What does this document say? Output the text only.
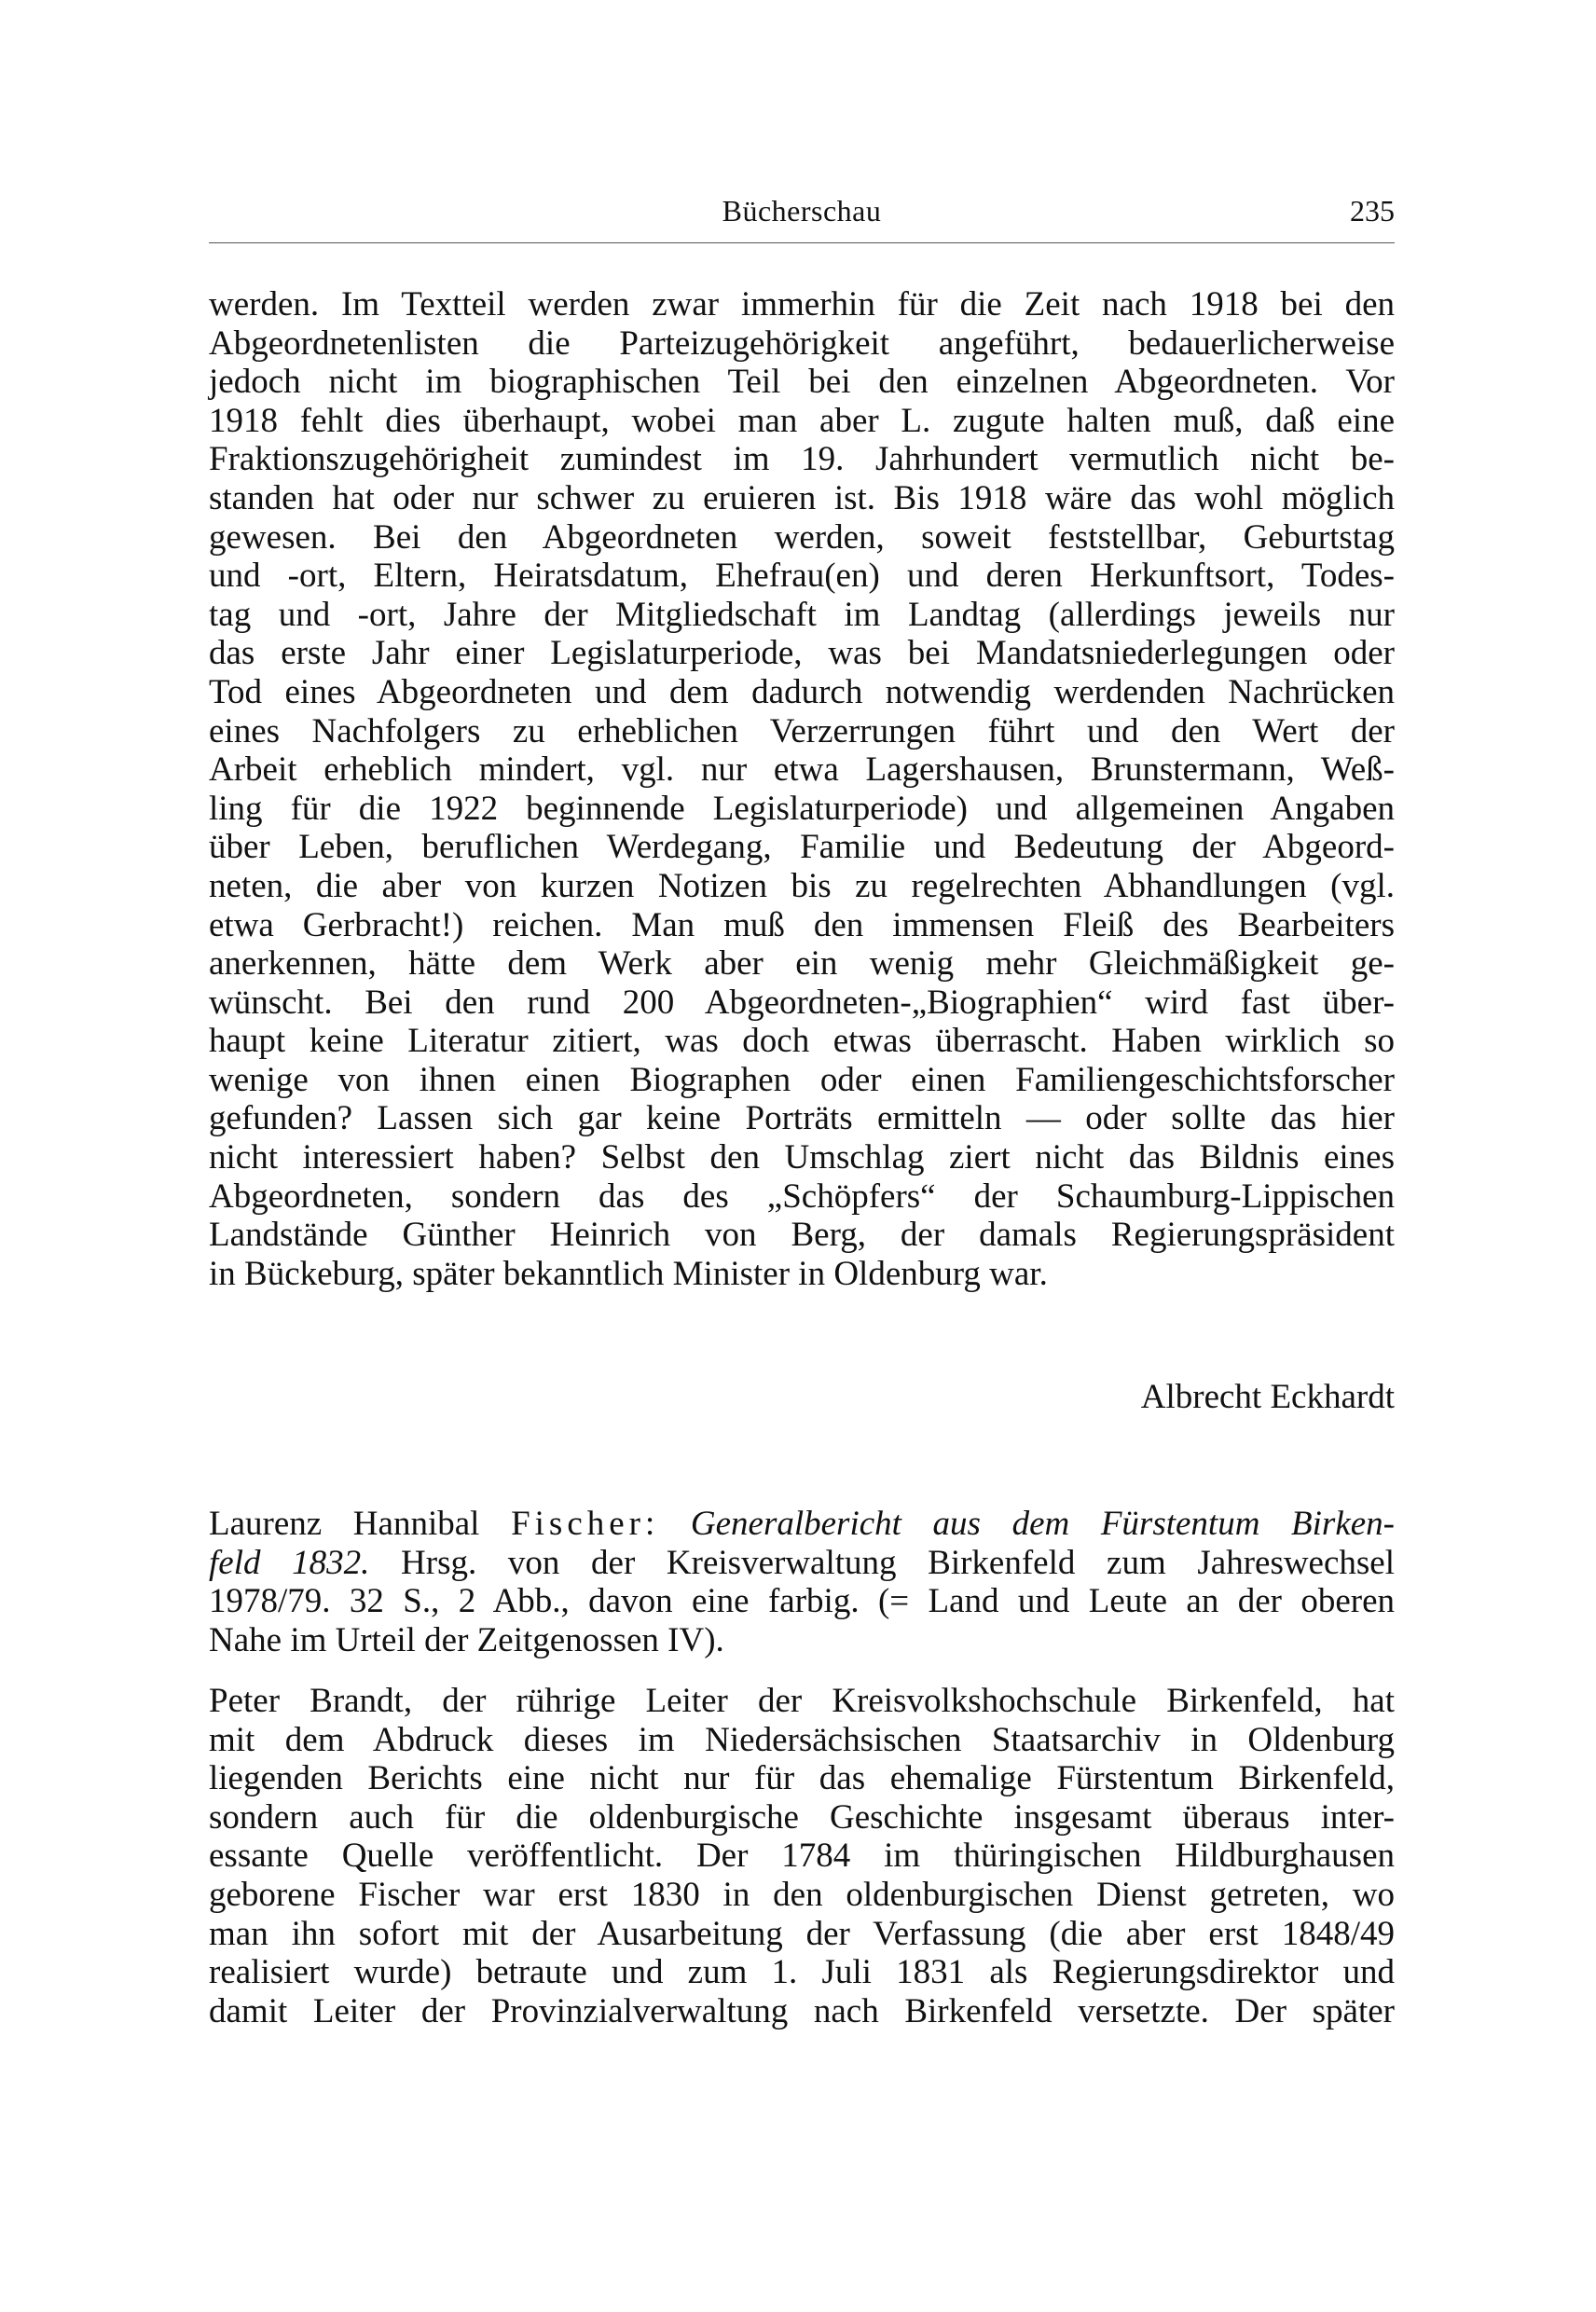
Bücherschau	235
werden. Im Textteil werden zwar immerhin für die Zeit nach 1918 bei den
Abgeordnetenlisten die Parteizugehörigkeit angeführt, bedauerlicherweise
jedoch nicht im biographischen Teil bei den einzelnen Abgeordneten. Vor
1918 fehlt dies überhaupt, wobei man aber L. zugute halten muß, daß eine
Fraktionszugehörigheit zumindest im 19. Jahrhundert vermutlich nicht be-
standen hat oder nur schwer zu eruieren ist. Bis 1918 wäre das wohl möglich
gewesen. Bei den Abgeordneten werden, soweit feststellbar, Geburtstag
und -ort, Eltern, Heiratsdatum, Ehefrau(en) und deren Herkunftsort, Todes-
tag und -ort, Jahre der Mitgliedschaft im Landtag (allerdings jeweils nur
das erste Jahr einer Legislaturperiode, was bei Mandatsniederlegungen oder
Tod eines Abgeordneten und dem dadurch notwendig werdenden Nachrücken
eines Nachfolgers zu erheblichen Verzerrungen führt und den Wert der
Arbeit erheblich mindert, vgl. nur etwa Lagershausen, Brunstermann, Weß-
ling für die 1922 beginnende Legislaturperiode) und allgemeinen Angaben
über Leben, beruflichen Werdegang, Familie und Bedeutung der Abgeord-
neten, die aber von kurzen Notizen bis zu regelrechten Abhandlungen (vgl.
etwa Gerbracht!) reichen. Man muß den immensen Fleiß des Bearbeiters
anerkennen, hätte dem Werk aber ein wenig mehr Gleichmäßigkeit ge-
wünscht. Bei den rund 200 Abgeordneten-„Biographien“ wird fast über-
haupt keine Literatur zitiert, was doch etwas überrascht. Haben wirklich so
wenige von ihnen einen Biographen oder einen Familiengeschichtsforscher
gefunden? Lassen sich gar keine Porträts ermitteln — oder sollte das hier
nicht interessiert haben? Selbst den Umschlag ziert nicht das Bildnis eines
Abgeordneten, sondern das des „Schöpfers“ der Schaumburg-Lippischen
Landstände Günther Heinrich von Berg, der damals Regierungspräsident
in Bückeburg, später bekanntlich Minister in Oldenburg war.
Albrecht Eckhardt
Laurenz Hannibal Fischer: Generalbericht aus dem Fürstentum Birken-
feld 1832. Hrsg. von der Kreisverwaltung Birkenfeld zum Jahreswechsel
1978/79. 32 S., 2 Abb., davon eine farbig. (= Land und Leute an der oberen
Nahe im Urteil der Zeitgenossen IV).
Peter Brandt, der rührige Leiter der Kreisvolkshochschule Birkenfeld, hat
mit dem Abdruck dieses im Niedersächsischen Staatsarchiv in Oldenburg
liegenden Berichts eine nicht nur für das ehemalige Fürstentum Birkenfeld,
sondern auch für die oldenburgische Geschichte insgesamt überaus inter-
essante Quelle veröffentlicht. Der 1784 im thüringischen Hildburghausen
geborene Fischer war erst 1830 in den oldenburgischen Dienst getreten, wo
man ihn sofort mit der Ausarbeitung der Verfassung (die aber erst 1848/49
realisiert wurde) betraute und zum 1. Juli 1831 als Regierungsdirektor und
damit Leiter der Provinzialverwaltung nach Birkenfeld versetzte. Der später
